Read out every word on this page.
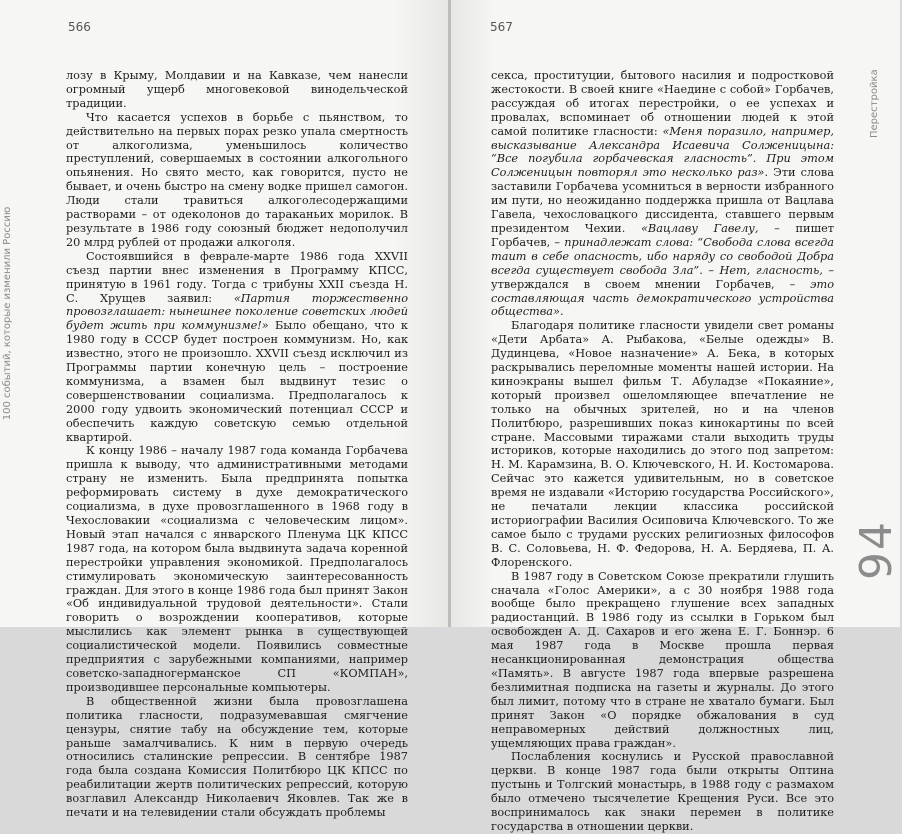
566

лозу в Крыму, Молдавии и на Кавказе, чем нанесли огромный ущерб многовековой винодельческой традиции.

Что касается успехов в борьбе с пьянством, то действительно на первых порах резко упала смертность от алкоголизма, уменьшилось количество преступлений, совершаемых в состоянии алкогольного опьянения. Но свято место, как говорится, пусто не бывает, и очень быстро на смену водке пришел самогон. Люди стали травиться алкоголесодержащими растворами – от одеколонов до тараканьих морилок. В результате в 1986 году союзный бюджет недополучил 20 млрд рублей от продажи алкоголя.

Состоявшийся в феврале-марте 1986 года XXVII съезд партии внес изменения в Программу КПСС, принятую в 1961 году. Тогда с трибуны XXII съезда Н. С. Хрущев заявил: «Партия торжественно провозглашает: нынешнее поколение советских людей будет жить при коммунизме!» Было обещано, что к 1980 году в СССР будет построен коммунизм. Но, как известно, этого не произошло. XXVII съезд исключил из Программы партии конечную цель – построение коммунизма, а взамен был выдвинут тезис о совершенствовании социализма. Предполагалось к 2000 году удвоить экономический потенциал СССР и обеспечить каждую советскую семью отдельной квартирой.

К концу 1986 – началу 1987 года команда Горбачева пришла к выводу, что административными методами страну не изменить. Была предпринята попытка реформировать систему в духе демократического социализма, в духе провозглашенного в 1968 году в Чехословакии «социализма с человеческим лицом». Новый этап начался с январского Пленума ЦК КПСС 1987 года, на котором была выдвинута задача коренной перестройки управления экономикой. Предполагалось стимулировать экономическую заинтересованность граждан. Для этого в конце 1986 года был принят Закон «Об индивидуальной трудовой деятельности». Стали говорить о возрождении кооперативов, которые мыслились как элемент рынка в существующей социалистической модели. Появились совместные предприятия с зарубежными компаниями, например советско-западногерманское СП «КОМПАН», производившее персональные компьютеры.

В общественной жизни была провозглашена политика гласности, подразумевавшая смягчение цензуры, снятие табу на обсуждение тем, которые раньше замалчивались. К ним в первую очередь относились сталинские репрессии. В сентябре 1987 года была создана Комиссия Политбюро ЦК КПСС по реабилитации жертв политических репрессий, которую возглавил Александр Николаевич Яковлев. Так же в печати и на телевидении стали обсуждать проблемы

100 событий, которые изменили Россию
567

секса, проституции, бытового насилия и подростковой жестокости. В своей книге «Наедине с собой» Горбачев, рассуждая об итогах перестройки, о ее успехах и провалах, вспоминает об отношении людей к этой самой политике гласности: «Меня поразило, например, высказывание Александра Исаевича Солженицына: “Все погубила горбачевская гласность”. При этом Солженицын повторял это несколько раз». Эти слова заставили Горбачева усомниться в верности избранного им пути, но неожиданно поддержка пришла от Вацлава Гавела, чехословацкого диссидента, ставшего первым президентом Чехии. «Вацлаву Гавелу, – пишет Горбачев, – принадлежат слова: “Свобода слова всегда таит в себе опасность, ибо наряду со свободой Добра всегда существует свобода Зла”. – Нет, гласность, – утверждался в своем мнении Горбачев, – это составляющая часть демократического устройства общества».

Благодаря политике гласности увидели свет романы «Дети Арбата» А. Рыбакова, «Белые одежды» В. Дудинцева, «Новое назначение» А. Бека, в которых раскрывались переломные моменты нашей истории. На киноэкраны вышел фильм Т. Абуладзе «Покаяние», который произвел ошеломляющее впечатление не только на обычных зрителей, но и на членов Политбюро, разрешивших показ кинокартины по всей стране. Массовыми тиражами стали выходить труды историков, которые находились до этого под запретом: Н. М. Карамзина, В. О. Ключевского, Н. И. Костомарова. Сейчас это кажется удивительным, но в советское время не издавали «Историю государства Российского», не печатали лекции классика российской историографии Василия Осиповича Ключевского. То же самое было с трудами русских религиозных философов В. С. Соловьева, Н. Ф. Федорова, Н. А. Бердяева, П. А. Флоренского.

В 1987 году в Советском Союзе прекратили глушить сначала «Голос Америки», а с 30 ноября 1988 года вообще было прекращено глушение всех западных радиостанций. В 1986 году из ссылки в Горьком был освобожден А. Д. Сахаров и его жена Е. Г. Боннэр. 6 мая 1987 года в Москве прошла первая несанкционированная демонстрация общества «Память». В августе 1987 года впервые разрешена безлимитная подписка на газеты и журналы. До этого был лимит, потому что в стране не хватало бумаги. Был принят Закон «О порядке обжалования в суд неправомерных действий должностных лиц, ущемляющих права граждан».

Послабления коснулись и Русской православной церкви. В конце 1987 года были открыты Оптина пустынь и Толгский монастырь, в 1988 году с размахом было отмечено тысячелетие Крещения Руси. Все это воспринималось как знаки перемен в политике государства в отношении церкви.

Перестройка
94
